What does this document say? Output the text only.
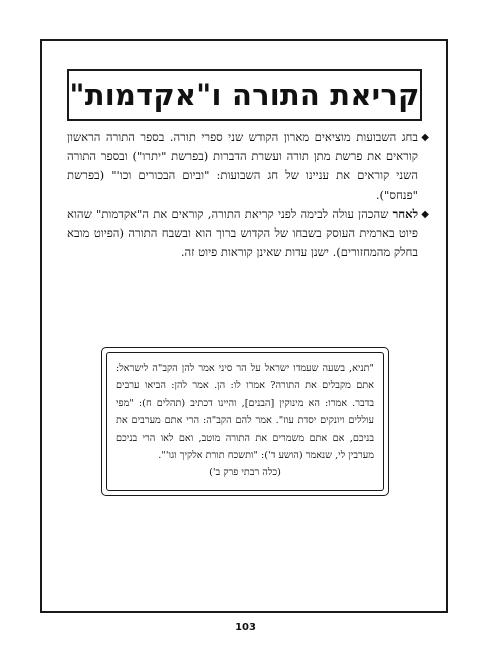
קריאת התורה ו"אקדמות"

◆
בחג השבועות מוציאים מארון הקודש שני ספרי תורה. בספר התורה הראשון קוראים את פרשת מתן תורה ועשרת הדברות (בפרשת "יתרו") ובספר התורה השני קוראים את עניינו של חג השבועות: "וביום הבכורים וכו'" (בפרשת "פנחס").

◆
לאחר שהכהן עולה לבימה לפני קריאת התורה, קוראים את ה"אקדמות" שהוא פיוט בארמית העוסק בשבחו של הקדוש ברוך הוא ובשבח התורה (הפיוט מובא בחלק מהמחזורים). ישנן עדות שאינן קוראות פיוט זה.

"תניא, בשעה שעמדו ישראל על הר סיני אמר להן הקב"ה לישראל: אתם מקבלים את התורה? אמרו לו: הן. אמר להן: הביאו ערבים בדבר. אמרו: הא מינוקין [הבנים], והיינו דכתיב (תהלים ח): "מפי עוללים ויונקים יסדת עוז". אמר להם הקב"ה: הרי אתם מערבים את בניכם, אם אתם משמרים את התורה מוטב, ואם לאו הרי בניכם מערבין לי, שנאמר (הושע ד'): "ותשכח תורת אלקיך וגו'".

(כלה רבתי פרק ב')

103
